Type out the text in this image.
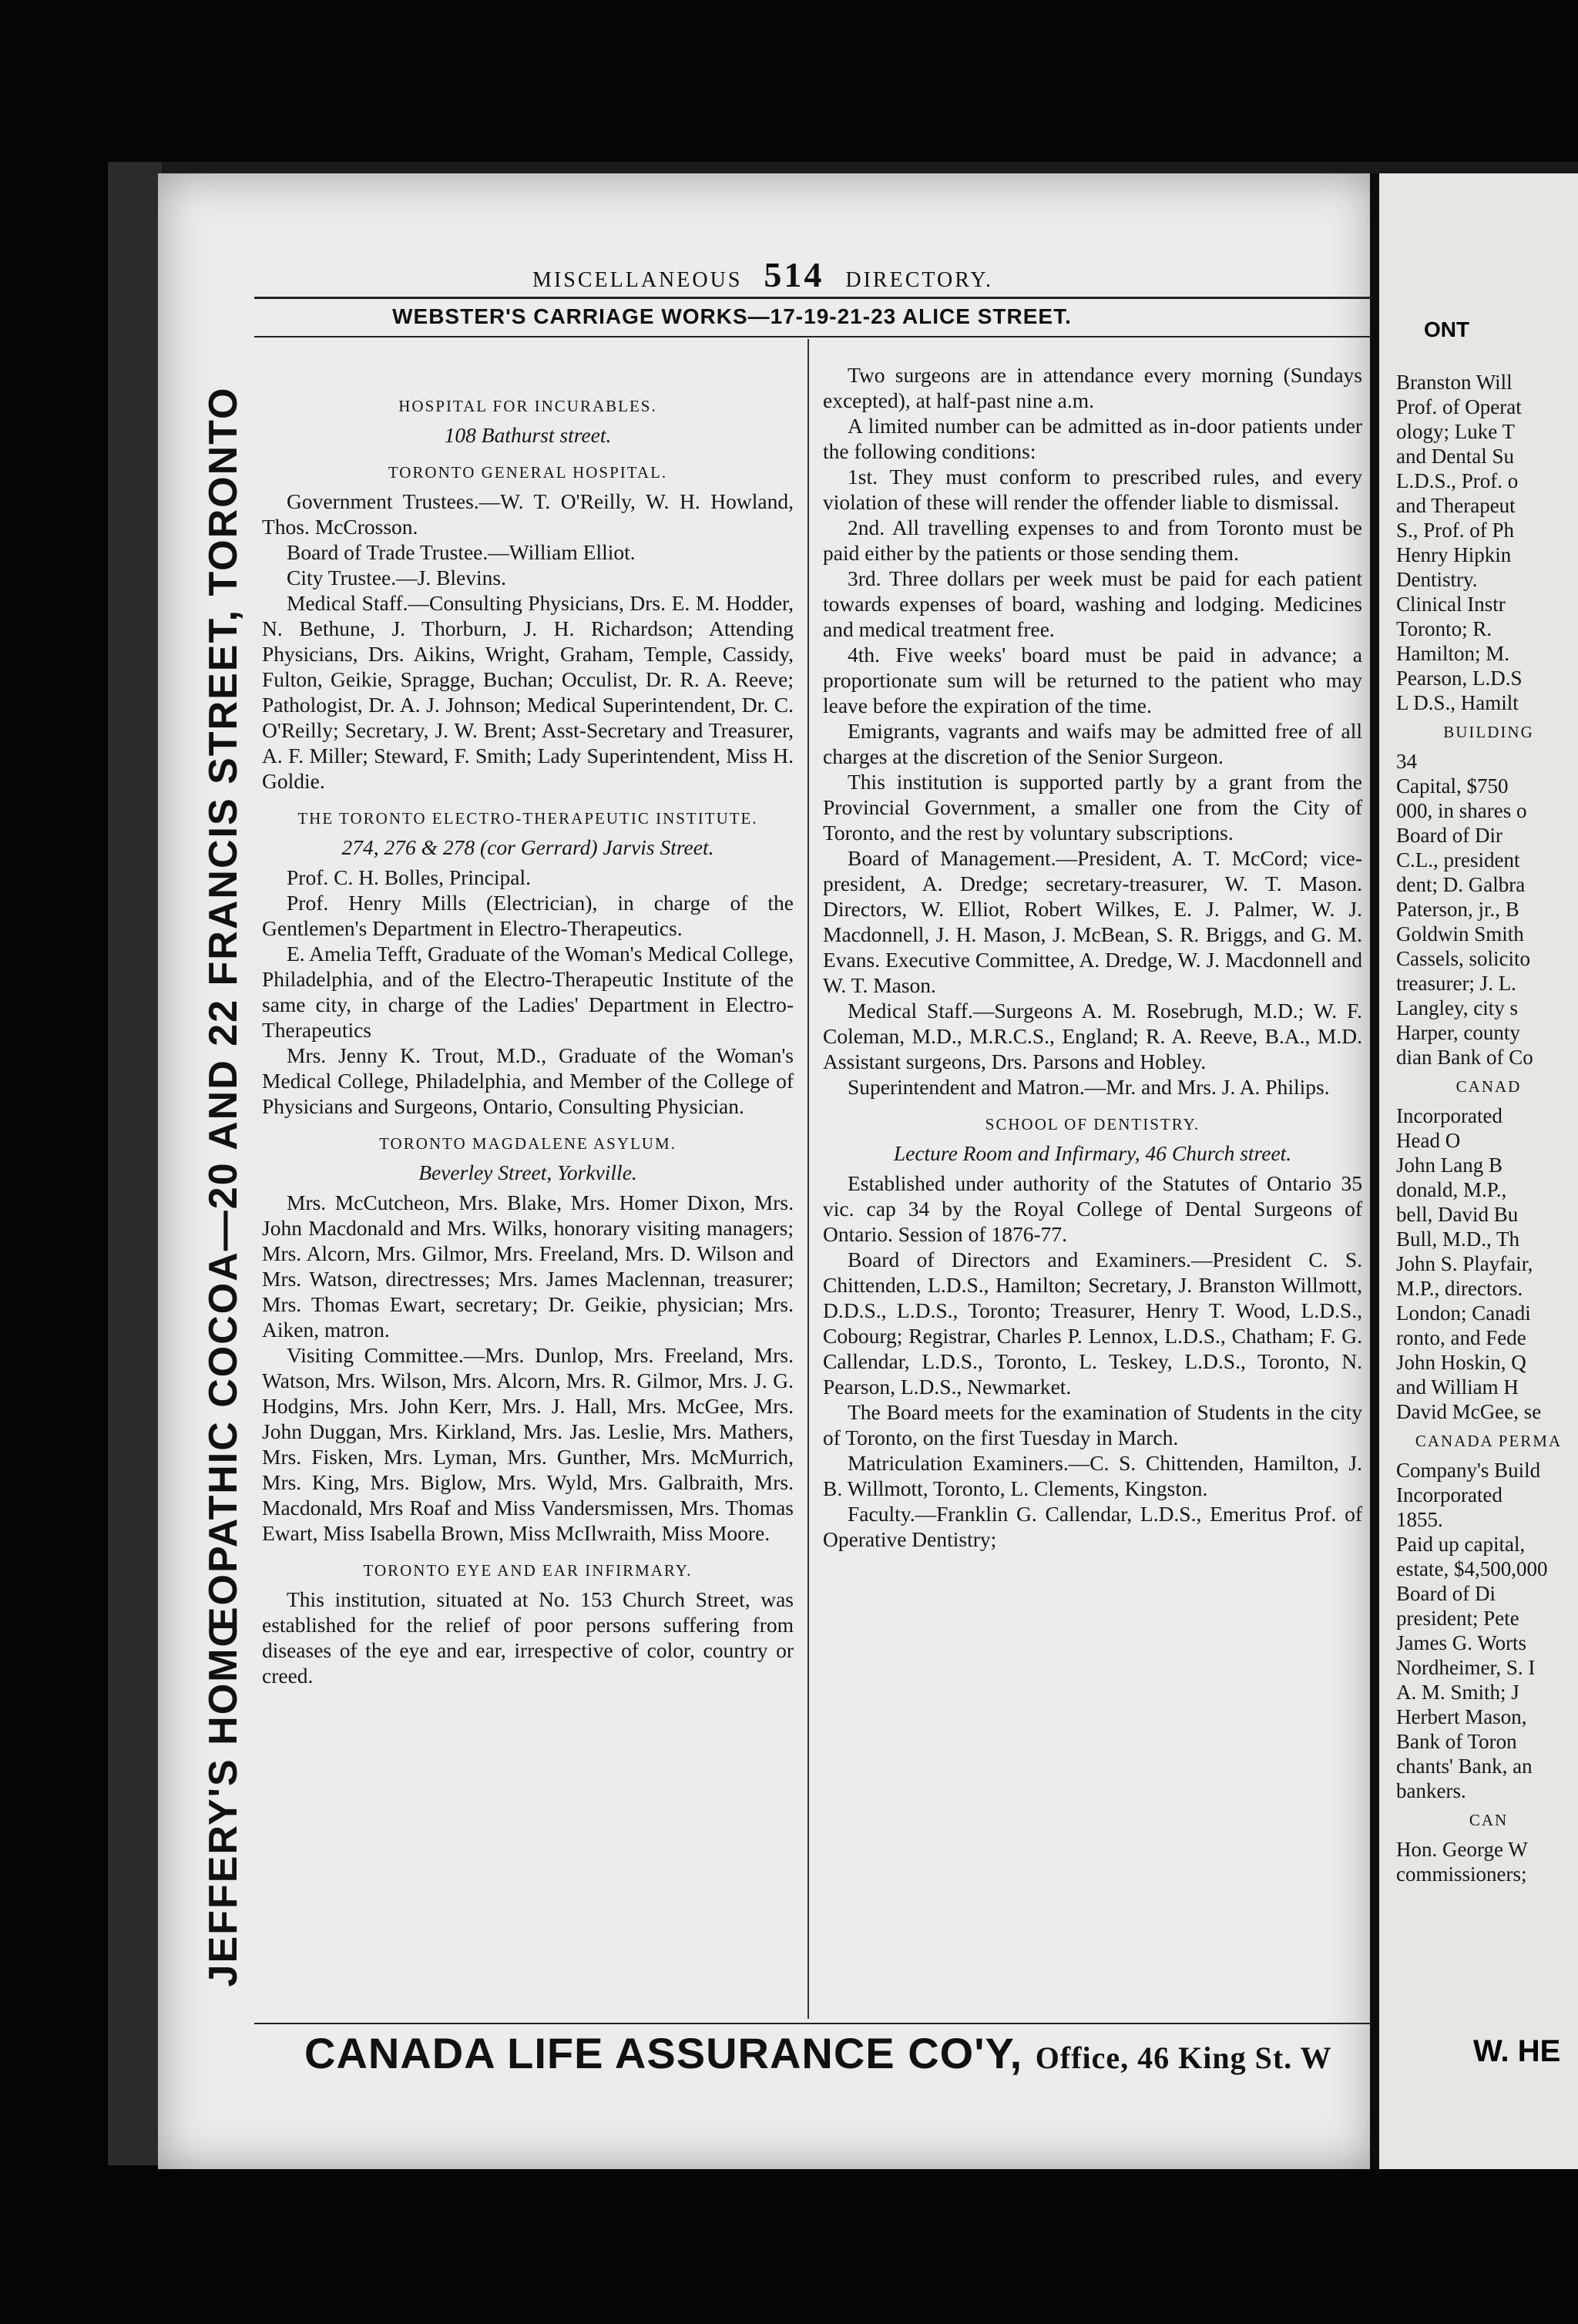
MISCELLANEOUS 514 DIRECTORY.
WEBSTER'S CARRIAGE WORKS—17-19-21-23 ALICE STREET.
JEFFERY'S HOMŒOPATHIC COCOA—20 AND 22 FRANCIS STREET, TORONTO	HOSPITAL FOR INCURABLES.

108 Bathurst street.

TORONTO GENERAL HOSPITAL.

Government Trustees.—W. T. O'Reilly, W. H. Howland, Thos. McCrosson.

Board of Trade Trustee.—William Elliot.

City Trustee.—J. Blevins.

Medical Staff.—Consulting Physicians, Drs. E. M. Hodder, N. Bethune, J. Thorburn, J. H. Richardson; Attending Physicians, Drs. Aikins, Wright, Graham, Temple, Cassidy, Fulton, Geikie, Spragge, Buchan; Occulist, Dr. R. A. Reeve; Pathologist, Dr. A. J. Johnson; Medical Superintendent, Dr. C. O'Reilly; Secretary, J. W. Brent; Asst-Secretary and Treasurer, A. F. Miller; Steward, F. Smith; Lady Superintendent, Miss H. Goldie.

THE TORONTO ELECTRO-THERAPEUTIC INSTITUTE.

274, 276 & 278 (cor Gerrard) Jarvis Street.

Prof. C. H. Bolles, Principal.

Prof. Henry Mills (Electrician), in charge of the Gentlemen's Department in Electro-Therapeutics.

E. Amelia Tefft, Graduate of the Woman's Medical College, Philadelphia, and of the Electro-Therapeutic Institute of the same city, in charge of the Ladies' Department in Electro-Therapeutics

Mrs. Jenny K. Trout, M.D., Graduate of the Woman's Medical College, Philadelphia, and Member of the College of Physicians and Surgeons, Ontario, Consulting Physician.

TORONTO MAGDALENE ASYLUM.

Beverley Street, Yorkville.

Mrs. McCutcheon, Mrs. Blake, Mrs. Homer Dixon, Mrs. John Macdonald and Mrs. Wilks, honorary visiting managers; Mrs. Alcorn, Mrs. Gilmor, Mrs. Freeland, Mrs. D. Wilson and Mrs. Watson, directresses; Mrs. James Maclennan, treasurer; Mrs. Thomas Ewart, secretary; Dr. Geikie, physician; Mrs. Aiken, matron.

Visiting Committee.—Mrs. Dunlop, Mrs. Freeland, Mrs. Watson, Mrs. Wilson, Mrs. Alcorn, Mrs. R. Gilmor, Mrs. J. G. Hodgins, Mrs. John Kerr, Mrs. J. Hall, Mrs. McGee, Mrs. John Duggan, Mrs. Kirkland, Mrs. Jas. Leslie, Mrs. Mathers, Mrs. Fisken, Mrs. Lyman, Mrs. Gunther, Mrs. McMurrich, Mrs. King, Mrs. Biglow, Mrs. Wyld, Mrs. Galbraith, Mrs. Macdonald, Mrs Roaf and Miss Vandersmissen, Mrs. Thomas Ewart, Miss Isabella Brown, Miss McIlwraith, Miss Moore.

TORONTO EYE AND EAR INFIRMARY.

This institution, situated at No. 153 Church Street, was established for the relief of poor persons suffering from diseases of the eye and ear, irrespective of color, country or creed.

Two surgeons are in attendance every morning (Sundays excepted), at half-past nine a.m.

A limited number can be admitted as in-door patients under the following conditions:

1st. They must conform to prescribed rules, and every violation of these will render the offender liable to dismissal.

2nd. All travelling expenses to and from Toronto must be paid either by the patients or those sending them.

3rd. Three dollars per week must be paid for each patient towards expenses of board, washing and lodging. Medicines and medical treatment free.

4th. Five weeks' board must be paid in advance; a proportionate sum will be returned to the patient who may leave before the expiration of the time.

Emigrants, vagrants and waifs may be admitted free of all charges at the discretion of the Senior Surgeon.

This institution is supported partly by a grant from the Provincial Government, a smaller one from the City of Toronto, and the rest by voluntary subscriptions.

Board of Management.—President, A. T. McCord; vice-president, A. Dredge; secretary-treasurer, W. T. Mason. Directors, W. Elliot, Robert Wilkes, E. J. Palmer, W. J. Macdonnell, J. H. Mason, J. McBean, S. R. Briggs, and G. M. Evans. Executive Committee, A. Dredge, W. J. Macdonnell and W. T. Mason.

Medical Staff.—Surgeons A. M. Rosebrugh, M.D.; W. F. Coleman, M.D., M.R.C.S., England; R. A. Reeve, B.A., M.D. Assistant surgeons, Drs. Parsons and Hobley.

Superintendent and Matron.—Mr. and Mrs. J. A. Philips.

SCHOOL OF DENTISTRY.

Lecture Room and Infirmary, 46 Church street.

Established under authority of the Statutes of Ontario 35 vic. cap 34 by the Royal College of Dental Surgeons of Ontario. Session of 1876-77.

Board of Directors and Examiners.—President C. S. Chittenden, L.D.S., Hamilton; Secretary, J. Branston Willmott, D.D.S., L.D.S., Toronto; Treasurer, Henry T. Wood, L.D.S., Cobourg; Registrar, Charles P. Lennox, L.D.S., Chatham; F. G. Callendar, L.D.S., Toronto, L. Teskey, L.D.S., Toronto, N. Pearson, L.D.S., Newmarket.

The Board meets for the examination of Students in the city of Toronto, on the first Tuesday in March.

Matriculation Examiners.—C. S. Chittenden, Hamilton, J. B. Willmott, Toronto, L. Clements, Kingston.

Faculty.—Franklin G. Callendar, L.D.S., Emeritus Prof. of Operative Dentistry;

CANADA LIFE ASSURANCE CO'Y, Office, 46 King St. W
ONT
Branston Will
Prof. of Operat
ology; Luke T
and Dental Su
L.D.S., Prof. o
and Therapeut
S., Prof. of Ph
Henry Hipkin
Dentistry.
Clinical Instr
Toronto; R.
Hamilton; M.
Pearson, L.D.S
L D.S., Hamilt
BUILDING
34
Capital, $750
000, in shares o
Board of Dir
C.L., president
dent; D. Galbra
Paterson, jr., B
Goldwin Smith
Cassels, solicito
treasurer; J. L.
Langley, city s
Harper, county
dian Bank of Co
CANAD
Incorporated
Head O
John Lang B
donald, M.P.,
bell, David Bu
Bull, M.D., Th
John S. Playfair,
M.P., directors.
London; Canadi
ronto, and Fede
John Hoskin, Q
and William H
David McGee, se
CANADA PERMA
Company's Build
Incorporated
1855.
Paid up capital,
estate, $4,500,000
Board of Di
president; Pete
James G. Worts
Nordheimer, S. I
A. M. Smith; J
Herbert Mason,
Bank of Toron
chants' Bank, an
bankers.
CAN
Hon. George W
commissioners;
W. HE
